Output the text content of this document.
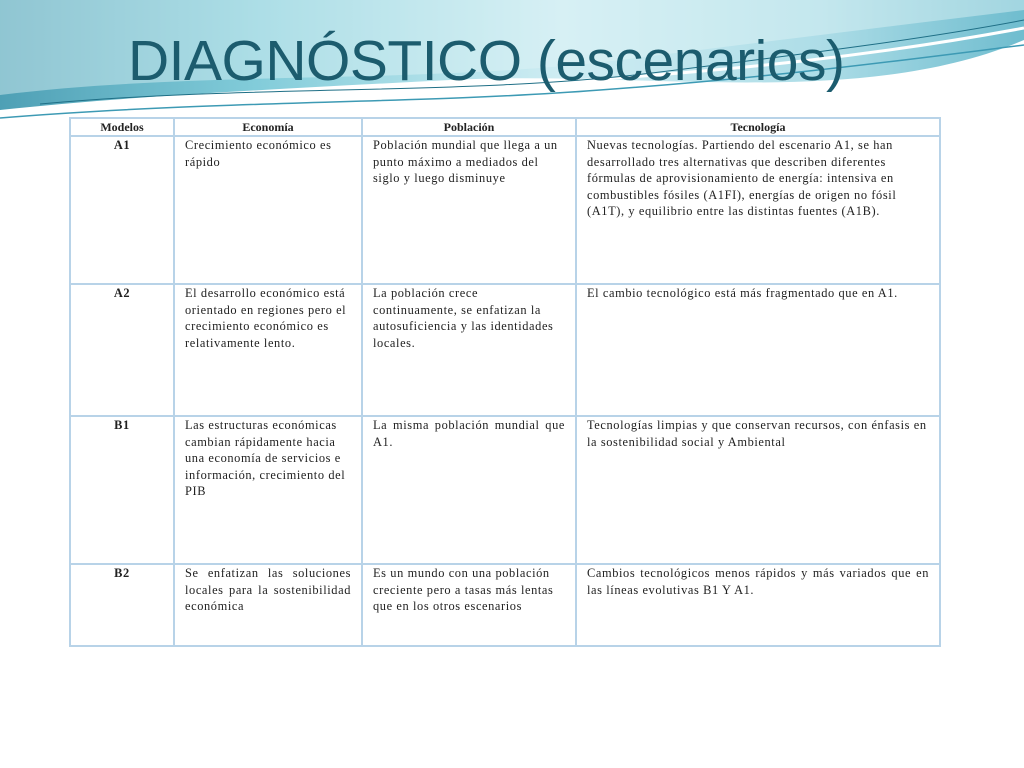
DIAGNÓSTICO (escenarios)
Modelos	Economía	Población	Tecnología
A1	Crecimiento económico es rápido	Población mundial que llega a un punto máximo a mediados del siglo y luego disminuye	Nuevas tecnologías. Partiendo del escenario A1, se han desarrollado tres alternativas que describen diferentes fórmulas de aprovisionamiento de energía: intensiva en combustibles fósiles (A1FI), energías de origen no fósil (A1T), y equilibrio entre las distintas fuentes (A1B).
A2	El desarrollo económico está orientado en regiones pero el crecimiento económico es relativamente lento.	La población crece continuamente, se enfatizan la autosuficiencia y las identidades locales.	El cambio tecnológico está más fragmentado que en A1.
B1	Las estructuras económicas cambian rápidamente hacia una economía de servicios e información, crecimiento del PIB	La misma población mundial que A1.	Tecnologías limpias y que conservan recursos, con énfasis en la sostenibilidad social y Ambiental
B2	Se enfatizan las soluciones locales para la sostenibilidad económica	Es un mundo con una población creciente pero a tasas más lentas que en los otros escenarios	Cambios tecnológicos menos rápidos y más variados que en las líneas evolutivas B1 Y A1.
